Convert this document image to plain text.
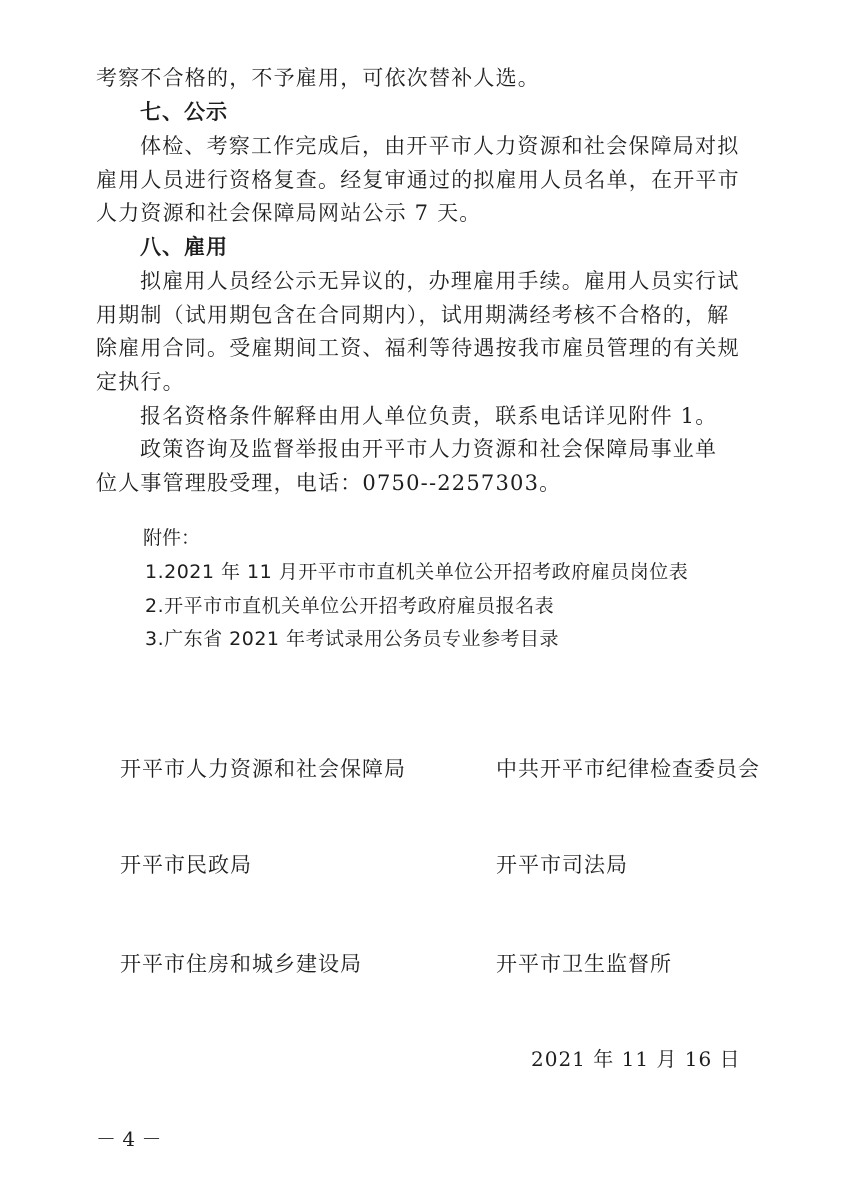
考察不合格的，不予雇用，可依次替补人选。
七、公示
体检、考察工作完成后，由开平市人力资源和社会保障局对拟
雇用人员进行资格复查。经复审通过的拟雇用人员名单，在开平市
人力资源和社会保障局网站公示 7 天。
八、雇用
拟雇用人员经公示无异议的，办理雇用手续。雇用人员实行试
用期制（试用期包含在合同期内），试用期满经考核不合格的，解
除雇用合同。受雇期间工资、福利等待遇按我市雇员管理的有关规
定执行。
报名资格条件解释由用人单位负责，联系电话详见附件 1。
政策咨询及监督举报由开平市人力资源和社会保障局事业单
位人事管理股受理，电话：0750--2257303。
附件：
1.2021 年 11 月开平市市直机关单位公开招考政府雇员岗位表
2.开平市市直机关单位公开招考政府雇员报名表
3.广东省 2021 年考试录用公务员专业参考目录
开平市人力资源和社会保障局	中共开平市纪律检查委员会
开平市民政局	开平市司法局
开平市住房和城乡建设局	开平市卫生监督所
2021 年 11 月 16 日
－ 4 －
